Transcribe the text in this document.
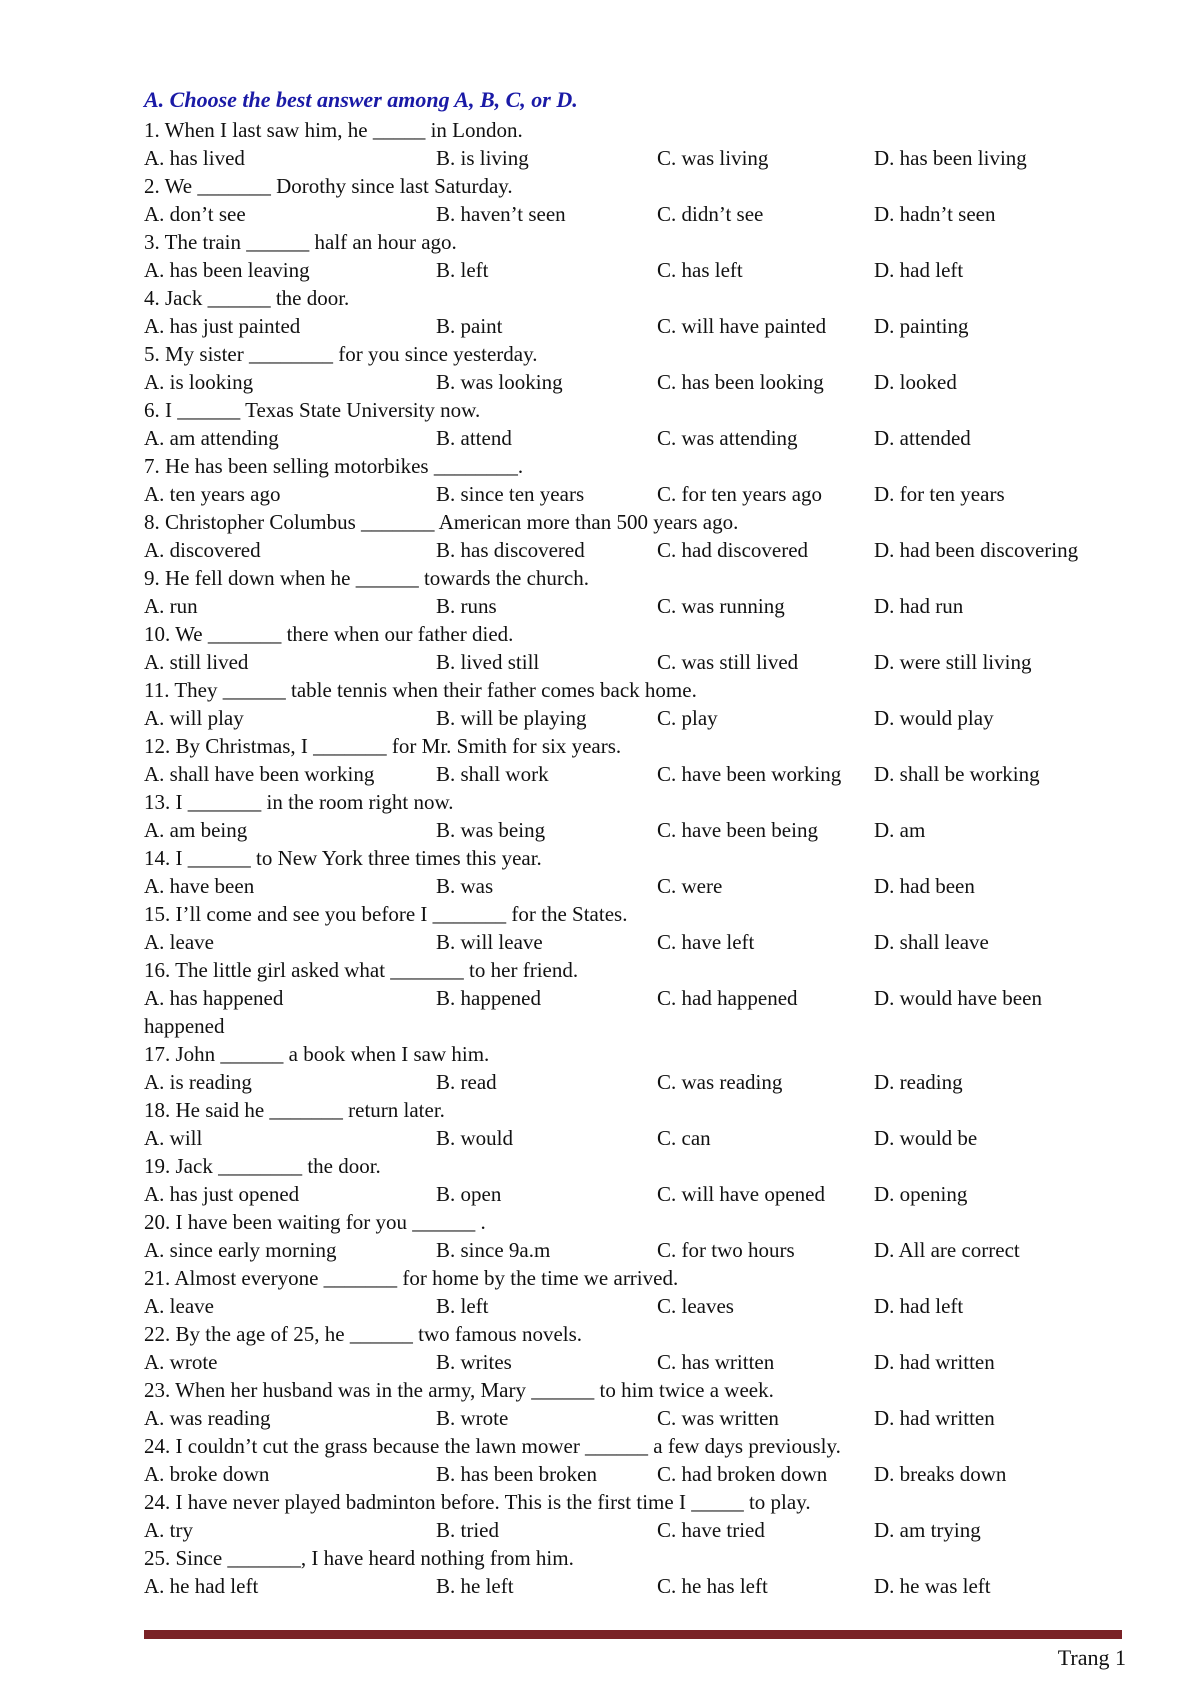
A. Choose the best answer among A, B, C, or D.
1. When I last saw him, he _____ in London.
A. has lived	B. is living	C. was living	D. has been living
2. We _______ Dorothy since last Saturday.
A. don’t see	B. haven’t seen	C. didn’t see	D. hadn’t seen
3. The train ______ half an hour ago.
A. has been leaving	B. left	C. has left	D. had left
4. Jack ______ the door.
A. has just painted	B. paint	C. will have painted D. painting
5. My sister ________ for you since yesterday.
A. is looking	B. was looking	C. has been looking D. looked
6. I ______ Texas State University now.
A. am attending	B. attend	C. was attending	D. attended
7. He has been selling motorbikes ________.
A. ten years ago	B. since ten years	C. for ten years ago D. for ten years
8. Christopher Columbus _______ American more than 500 years ago.
A. discovered	B. has discovered	C. had discovered	D. had been discovering
9. He fell down when he ______ towards the church.
A. run	B. runs	C. was running	D. had run
10. We _______ there when our father died.
A. still lived	B. lived still	C. was still lived	D. were still living
11. They ______ table tennis when their father comes back home.
A. will play	B. will be playing	C. play	D. would play
12. By Christmas, I _______ for Mr. Smith for six years.
A. shall have been working	B. shall work	C. have been working D. shall be working
13. I _______ in the room right now.
A. am being	B. was being	C. have been being	D. am
14. I ______ to New York three times this year.
A. have been	B. was	C. were	D. had been
15. I’ll come and see you before I _______ for the States.
A. leave	B. will leave	C. have left	D. shall leave
16. The little girl asked what _______ to her friend.
A. has happened	B. happened	C. had happened	D. would have been
happened
17. John ______ a book when I saw him.
A. is reading	B. read	C. was reading	D. reading
18. He said he _______ return later.
A. will	B. would	C. can	D. would be
19. Jack ________ the door.
A. has just opened	B. open	C. will have opened D. opening
20. I have been waiting for you ______ .
A. since early morning	B. since 9a.m	C. for two hours	D. All are correct
21. Almost everyone _______ for home by the time we arrived.
A. leave	B. left	C. leaves	D. had left
22. By the age of 25, he ______ two famous novels.
A. wrote	B. writes	C. has written	D. had written
23. When her husband was in the army, Mary ______ to him twice a week.
A. was reading	B. wrote	C. was written	D. had written
24. I couldn’t cut the grass because the lawn mower ______ a few days previously.
A. broke down	B. has been broken	C. had broken down D. breaks down
24. I have never played badminton before. This is the first time I _____ to play.
A. try	B. tried	C. have tried	D. am trying
25. Since _______, I have heard nothing from him.
A. he had left	B. he left	C. he has left	D. he was left
Trang 1
